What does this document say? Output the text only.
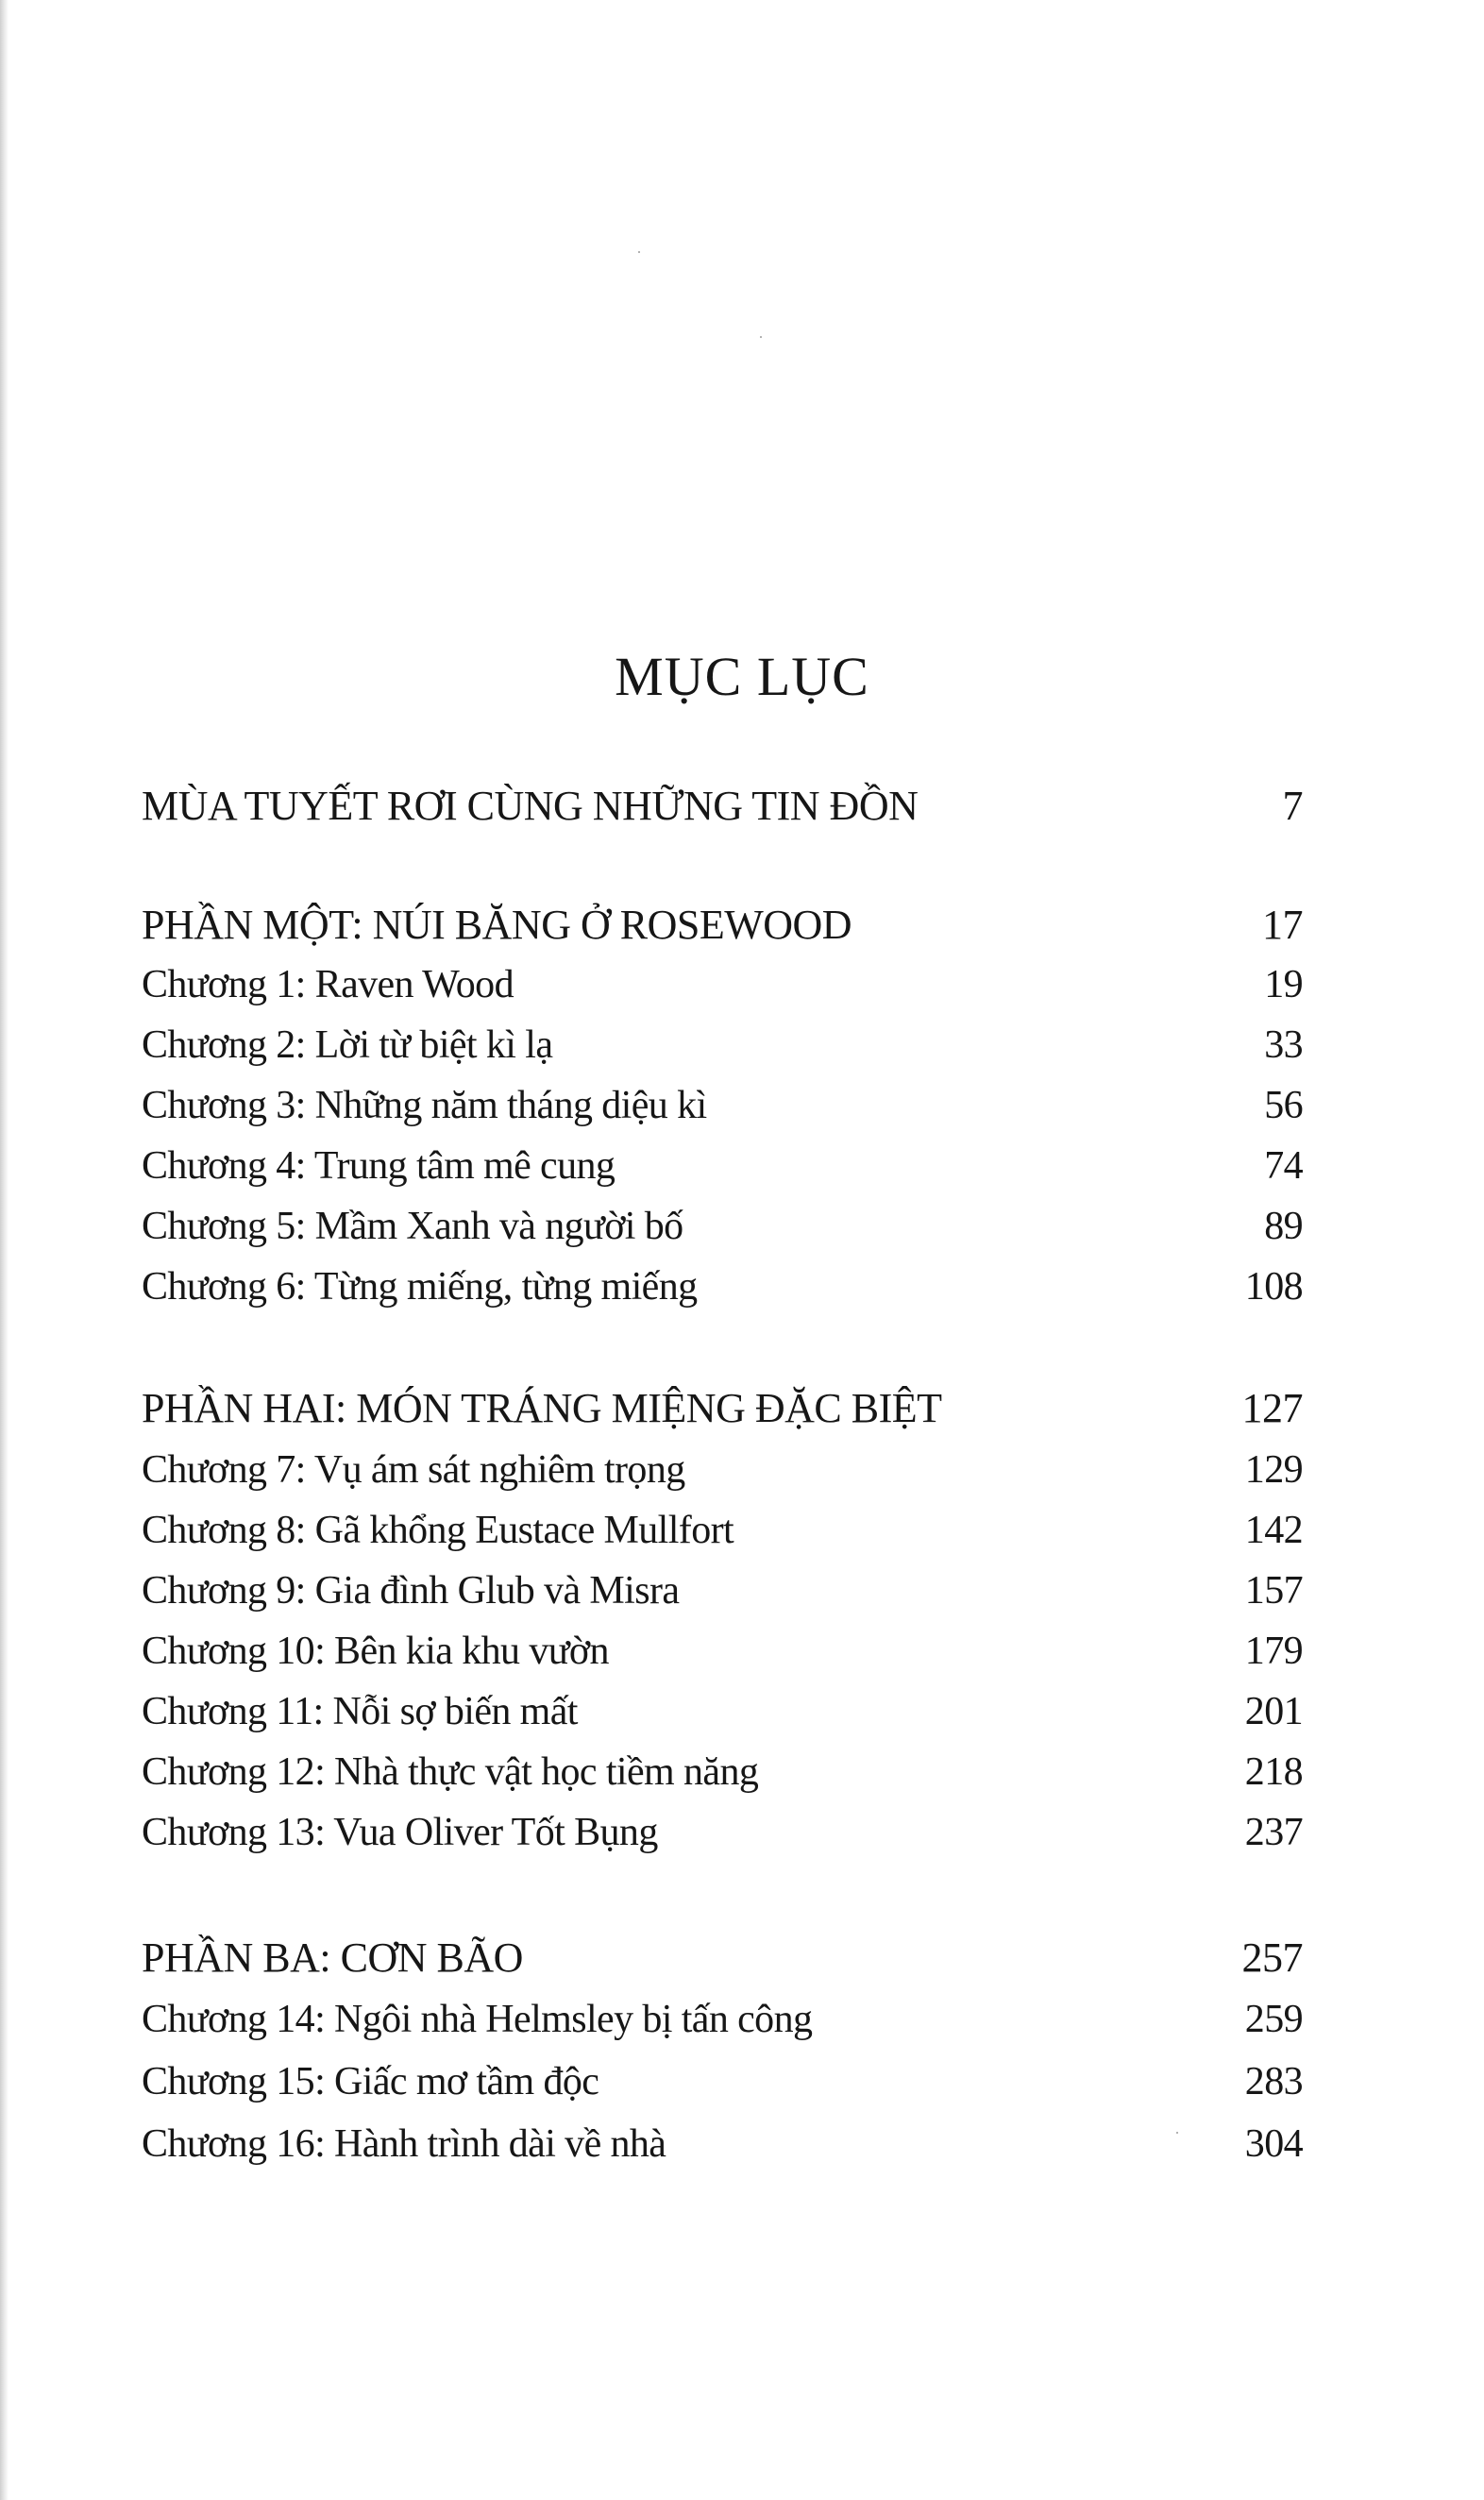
MỤC LỤC
MÙA TUYẾT RƠI CÙNG NHỮNG TIN ĐỒN	7
PHẦN MỘT: NÚI BĂNG Ở ROSEWOOD	17
Chương 1: Raven Wood	19
Chương 2: Lời từ biệt kì lạ	33
Chương 3: Những năm tháng diệu kì	56
Chương 4: Trung tâm mê cung	74
Chương 5: Mầm Xanh và người bố	89
Chương 6: Từng miếng, từng miếng	108
PHẦN HAI: MÓN TRÁNG MIỆNG ĐẶC BIỆT	127
Chương 7: Vụ ám sát nghiêm trọng	129
Chương 8: Gã khổng Eustace Mullfort	142
Chương 9: Gia đình Glub và Misra	157
Chương 10: Bên kia khu vườn	179
Chương 11: Nỗi sợ biến mất	201
Chương 12: Nhà thực vật học tiềm năng	218
Chương 13: Vua Oliver Tốt Bụng	237
PHẦN BA: CƠN BÃO	257
Chương 14: Ngôi nhà Helmsley bị tấn công	259
Chương 15: Giấc mơ tầm độc	283
Chương 16: Hành trình dài về nhà	304
